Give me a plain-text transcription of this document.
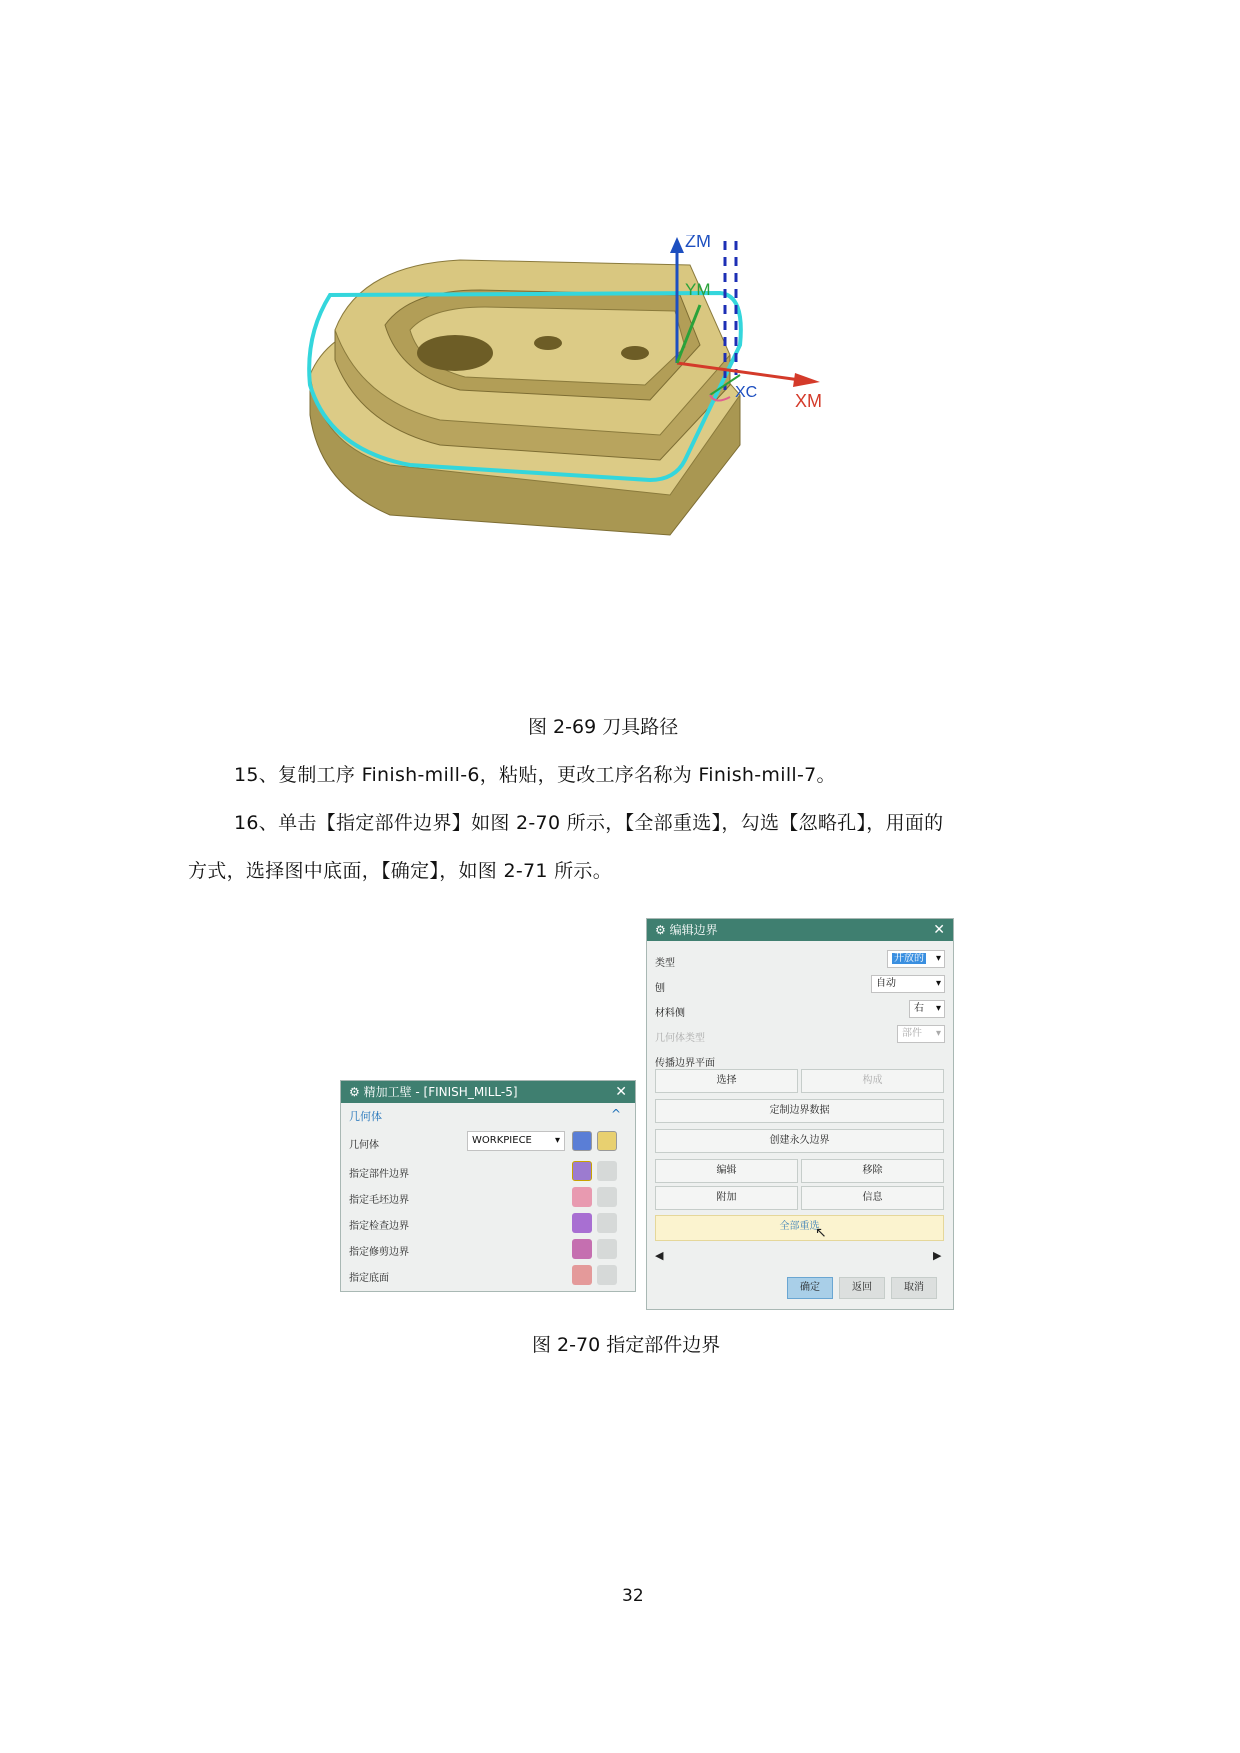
ZM
YM
XC XM
图 2-69 刀具路径
15、复制工序 Finish-mill-6，粘贴，更改工序名称为 Finish-mill-7。
16、单击【指定部件边界】如图 2-70 所示，【全部重选】，勾选【忽略孔】，用面的
方式，选择图中底面，【确定】，如图 2-71 所示。
⚙ 精加工壁 - [FINISH_MILL-5]	✕
几何体	^
几何体	WORKPIECE ▾
指定部件边界
指定毛坯边界
指定检查边界
指定修剪边界
指定底面
⚙ 编辑边界	✕
类型	开放的 ▾
刨	自动	▾
材料侧	右 ▾
几何体类型	部件 ▾
传播边界平面
选择	构成
定制边界数据
创建永久边界
编辑	移除
附加	信息
全部重选
↖
◀	▶
确定	返回	取消
图 2-70 指定部件边界
32
